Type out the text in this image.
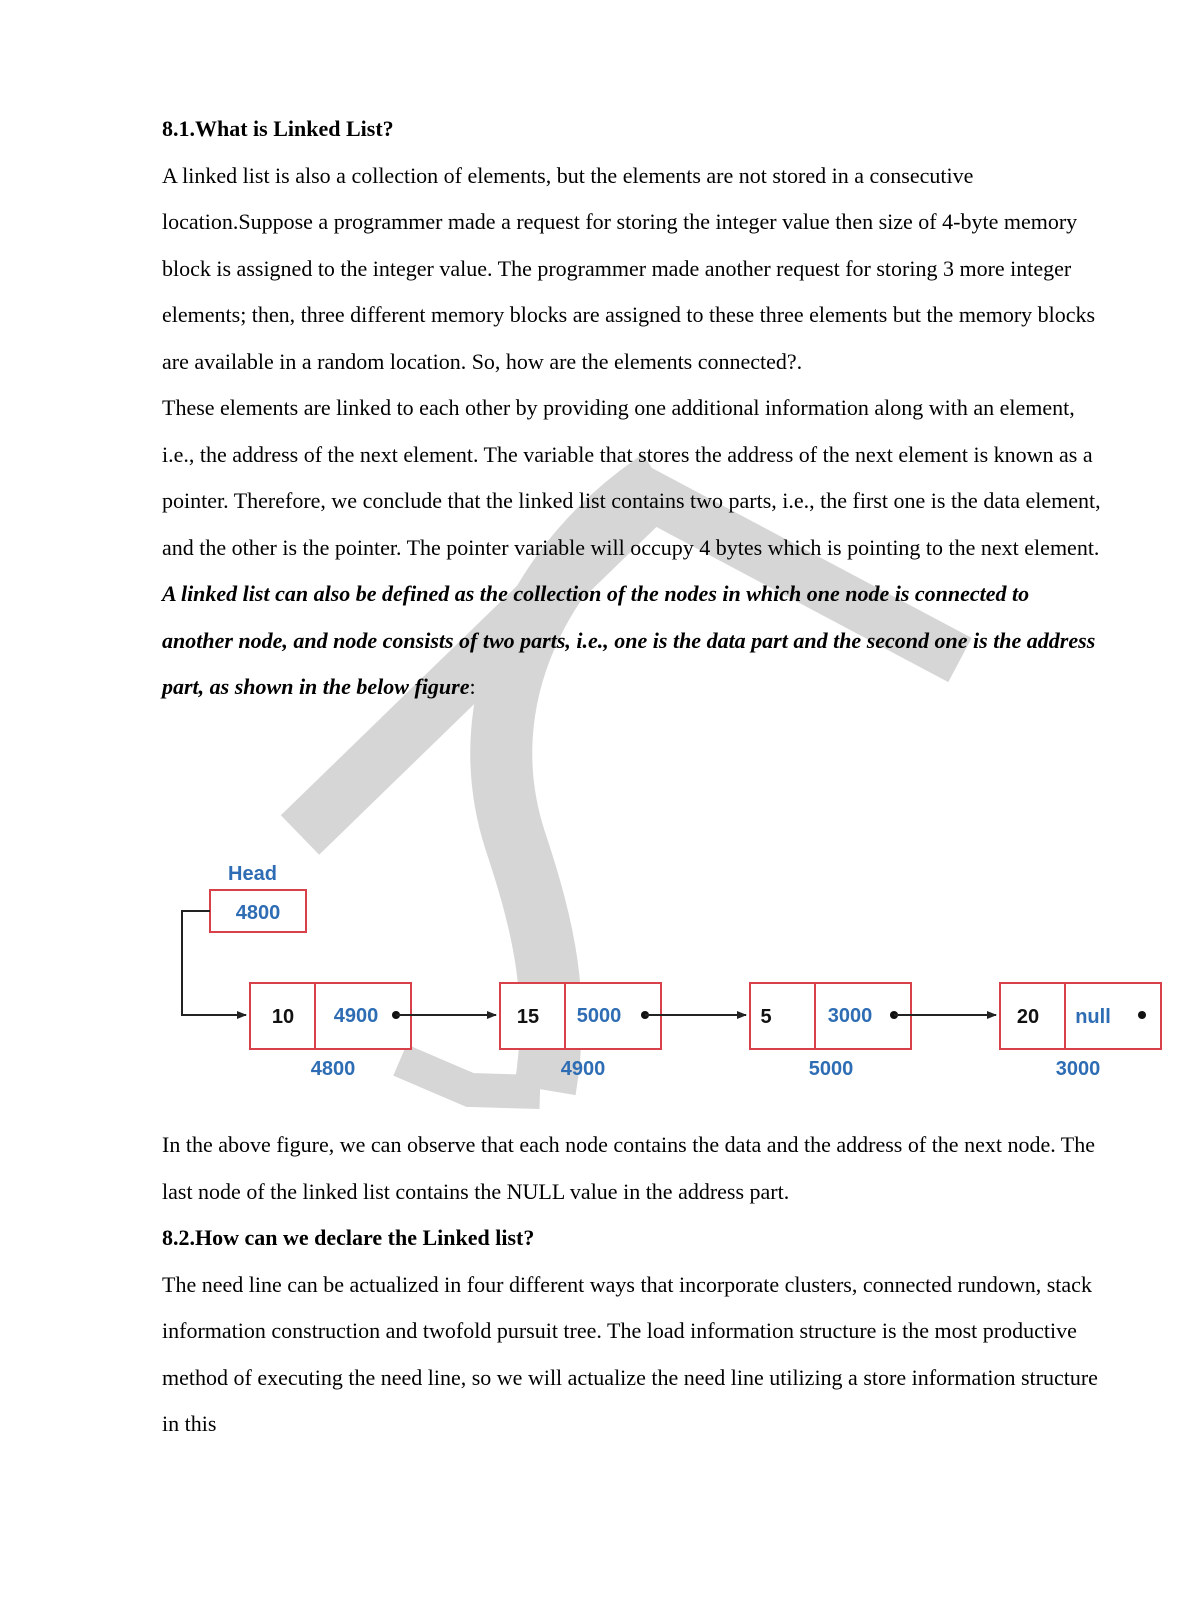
8.1.What is Linked List?

A linked list is also a collection of elements, but the elements are not stored in a consecutive location.Suppose a programmer made a request for storing the integer value then size of 4-byte memory block is assigned to the integer value. The programmer made another request for storing 3 more integer elements; then, three different memory blocks are assigned to these three elements but the memory blocks are available in a random location. So, how are the elements connected?.

These elements are linked to each other by providing one additional information along with an element, i.e., the address of the next element. The variable that stores the address of the next element is known as a pointer. Therefore, we conclude that the linked list contains two parts, i.e., the first one is the data element, and the other is the pointer. The pointer variable will occupy 4 bytes which is pointing to the next element.

A linked list can also be defined as the collection of the nodes in which one node is connected to another node, and node consists of two parts, i.e., one is the data part and the second one is the address part, as shown in the below figure:

Head
4800
10 4900
4800
15 5000
4900
5	3000
5000
20 null
3000

In the above figure, we can observe that each node contains the data and the address of the next node. The last node of the linked list contains the NULL value in the address part.

8.2.How can we declare the Linked list?

The need line can be actualized in four different ways that incorporate clusters, connected rundown, stack information construction and twofold pursuit tree. The load information structure is the most productive method of executing the need line, so we will actualize the need line utilizing a store information structure in this
